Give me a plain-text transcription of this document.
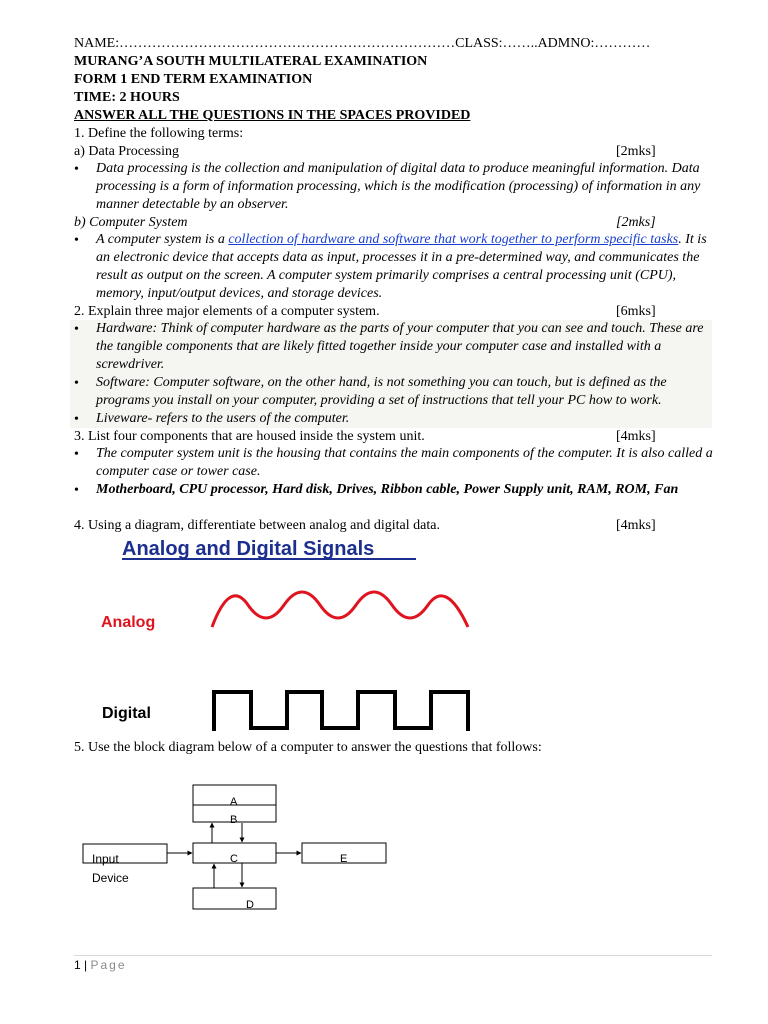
NAME:………………………………………………………………CLASS:……..ADMNO:…………
MURANG’A SOUTH MULTILATERAL EXAMINATION
FORM 1 END TERM EXAMINATION
TIME: 2 HOURS
ANSWER ALL THE QUESTIONS IN THE SPACES PROVIDED
1. Define the following terms:
a) Data Processing	[2mks]
• Data processing is the collection and manipulation of digital data to produce meaningful information. Data processing is a form of information processing, which is the modification (processing) of information in any manner detectable by an observer.
b) Computer System	[2mks]
• A computer system is a collection of hardware and software that work together to perform specific tasks. It is an electronic device that accepts data as input, processes it in a pre-determined way, and communicates the result as output on the screen. A computer system primarily comprises a central processing unit (CPU), memory, input/output devices, and storage devices.
2. Explain three major elements of a computer system.	[6mks]
• Hardware: Think of computer hardware as the parts of your computer that you can see and touch. These are the tangible components that are likely fitted together inside your computer case and installed with a screwdriver.
• Software: Computer software, on the other hand, is not something you can touch, but is defined as the programs you install on your computer, providing a set of instructions that tell your PC how to work.
• Liveware- refers to the users of the computer.
3. List four components that are housed inside the system unit.	[4mks]
• The computer system unit is the housing that contains the main components of the computer. It is also called a computer case or tower case.
• Motherboard, CPU processor, Hard disk, Drives, Ribbon cable, Power Supply unit, RAM, ROM, Fan
4. Using a diagram, differentiate between analog and digital data.	[4mks]
Analog and Digital Signals
Analog
Digital
5. Use the block diagram below of a computer to answer the questions that follows:
A
B
C
Input
Device
E
D
1 | Page
